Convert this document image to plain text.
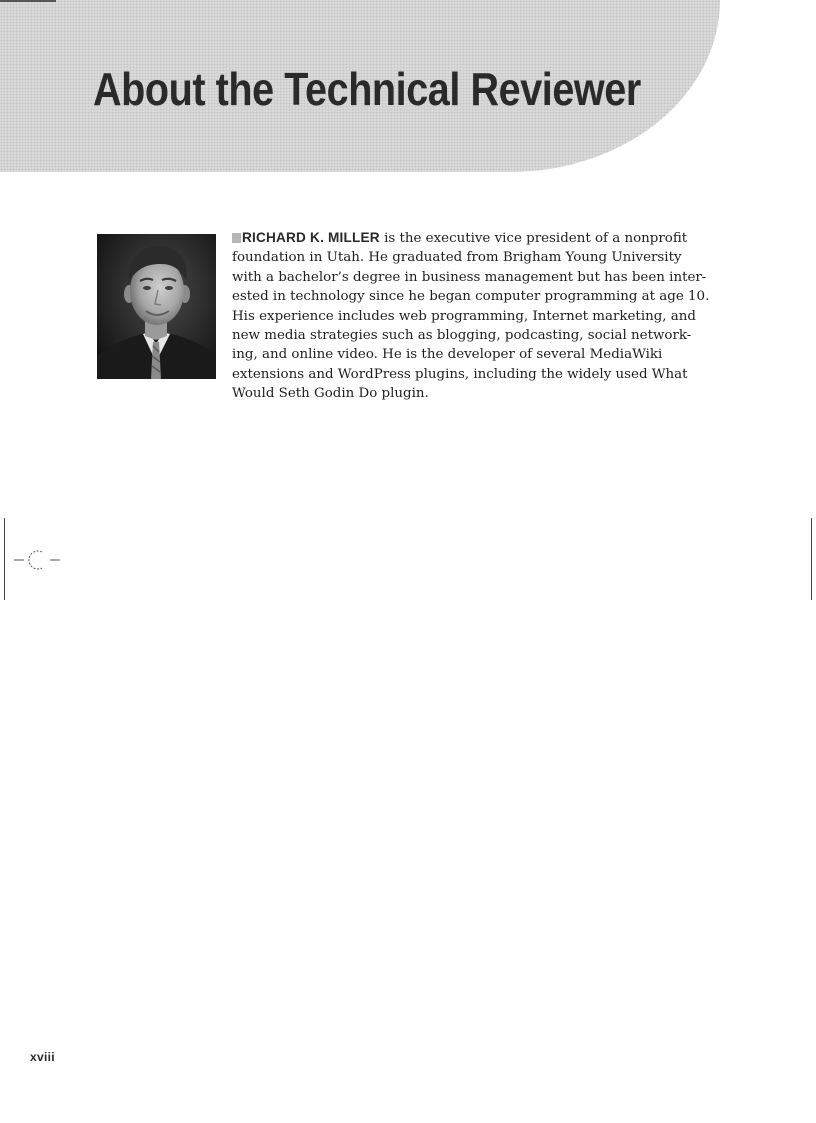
About the Technical Reviewer

RICHARD K. MILLER is the executive vice president of a nonprofit
foundation in Utah. He graduated from Brigham Young University
with a bachelor’s degree in business management but has been inter-
ested in technology since he began computer programming at age 10.
His experience includes web programming, Internet marketing, and
new media strategies such as blogging, podcasting, social network-
ing, and online video. He is the developer of several MediaWiki
extensions and WordPress plugins, including the widely used What
Would Seth Godin Do plugin.

xviii
